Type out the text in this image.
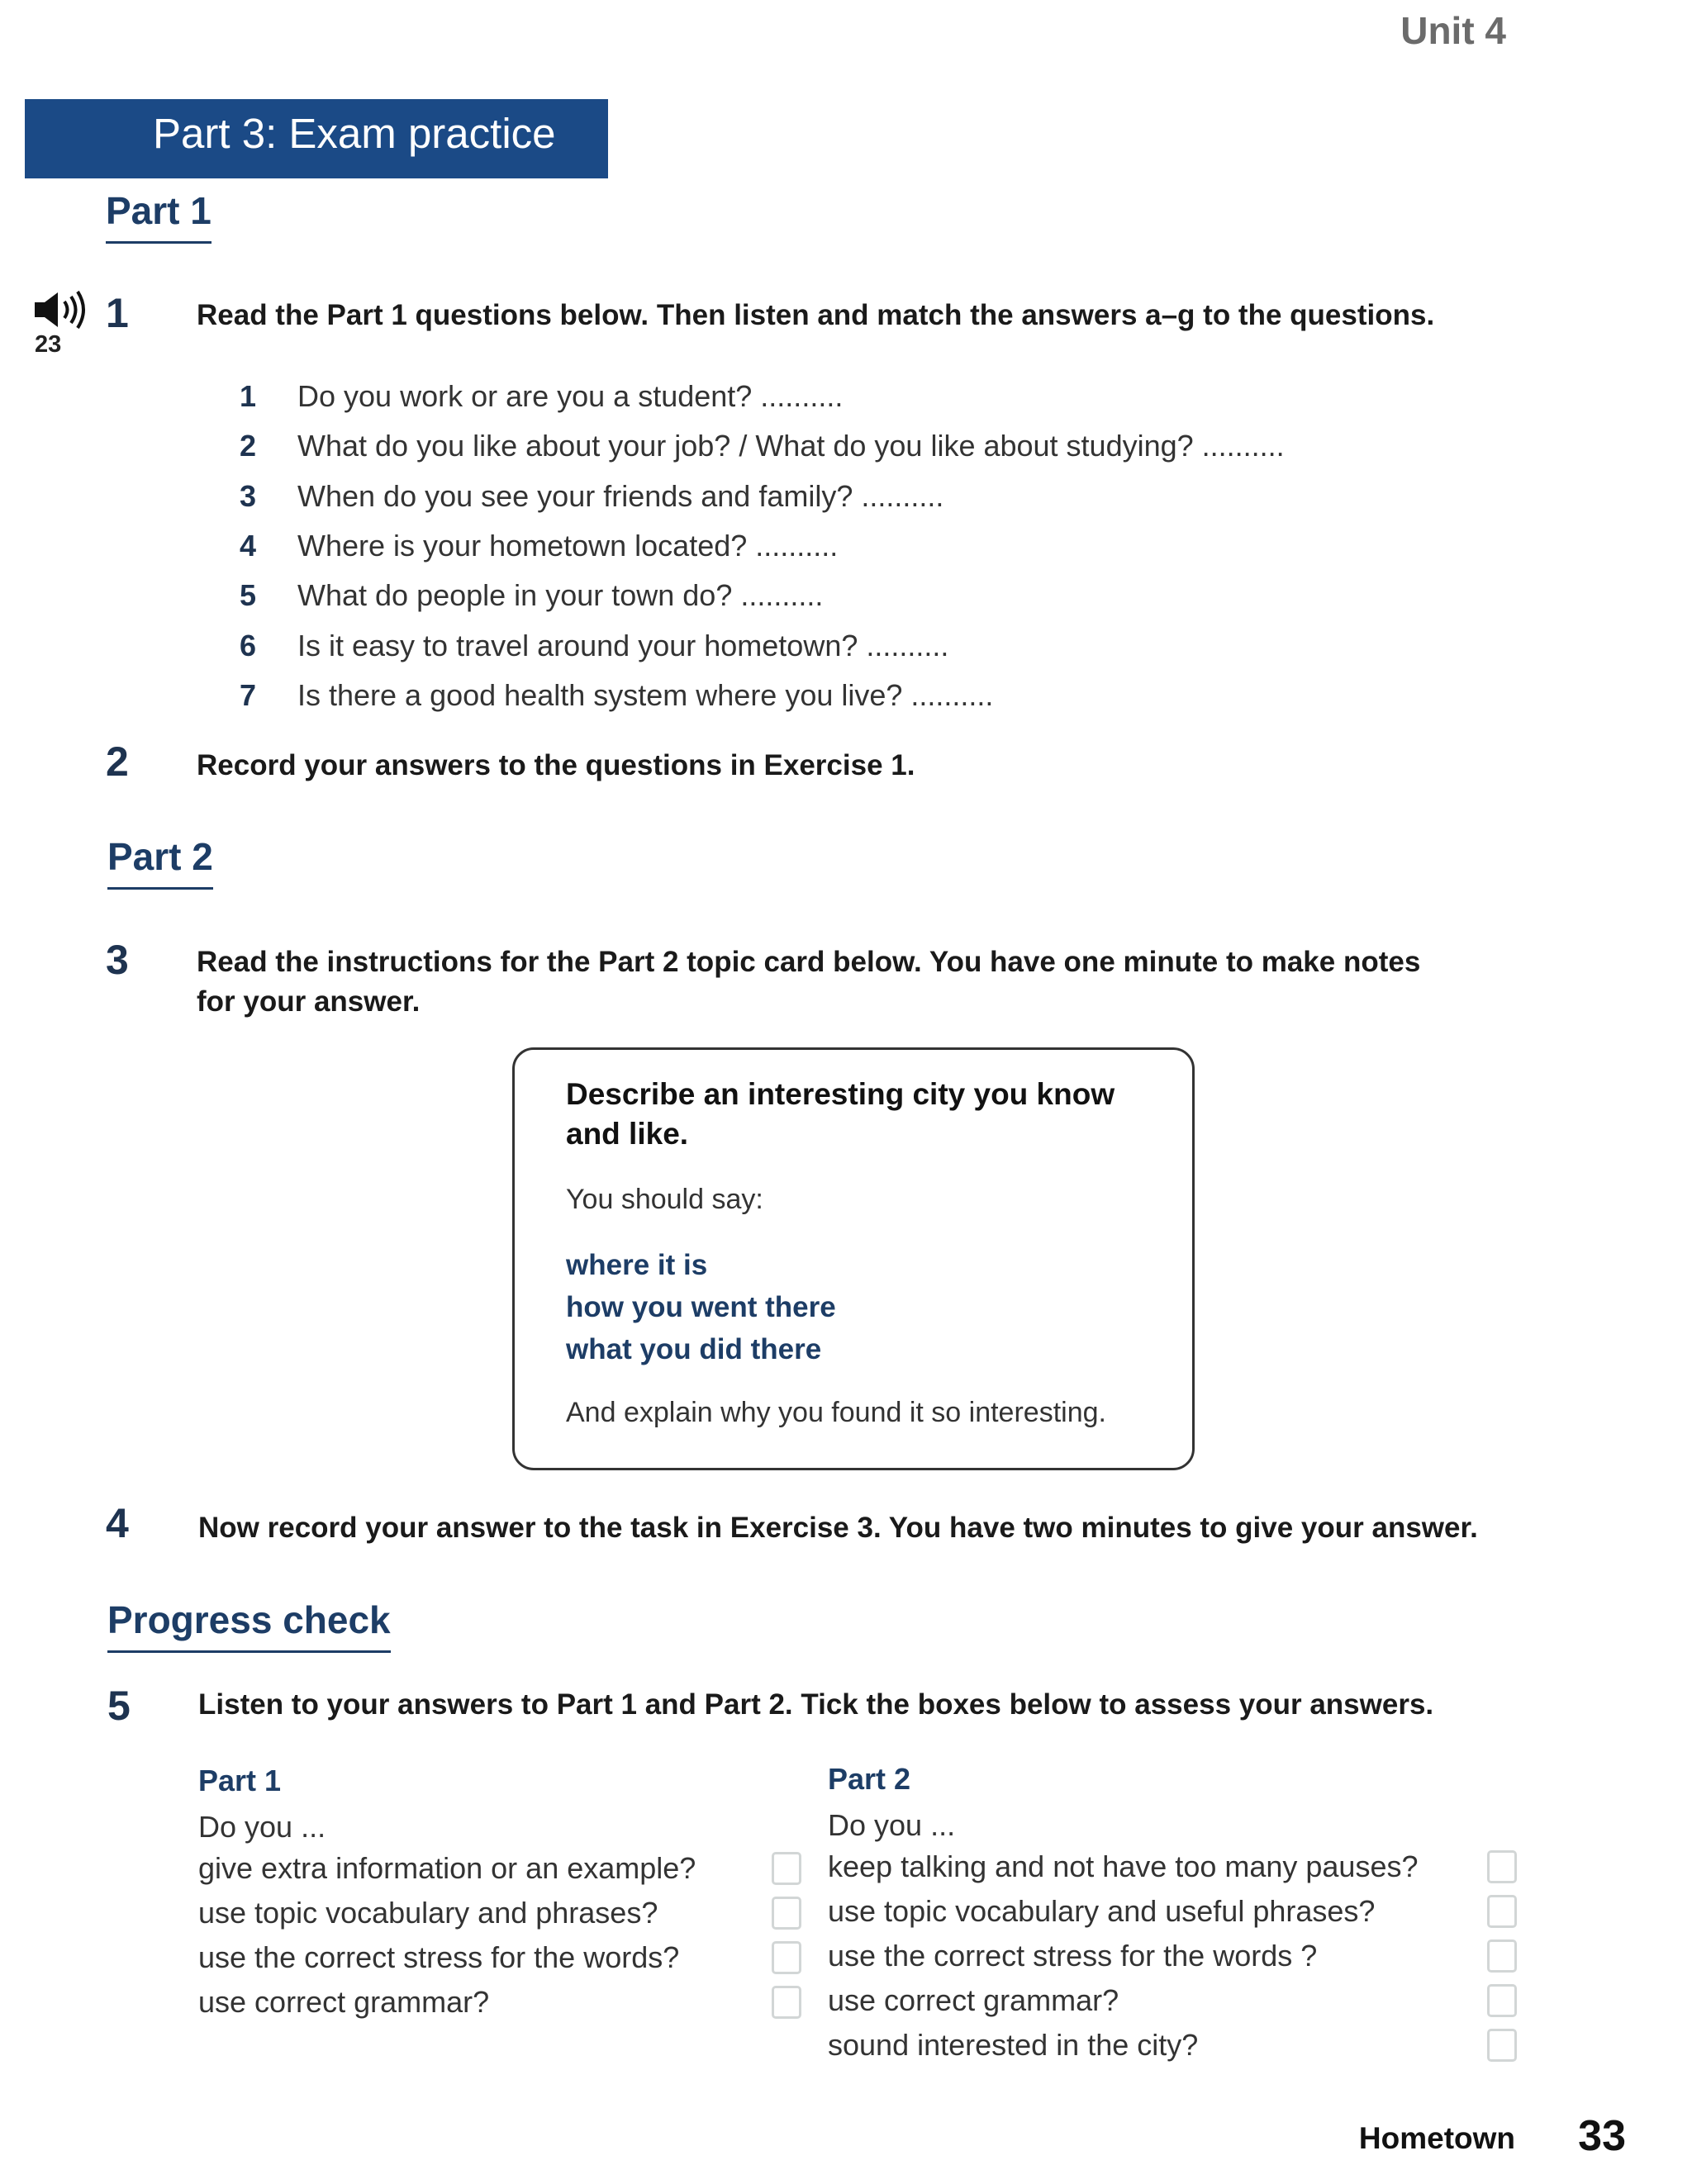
Unit 4
Part 3: Exam practice
Part 1
23
1 Read the Part 1 questions below. Then listen and match the answers a–g to the questions.
1	Do you work or are you a student? ..........
2	What do you like about your job? / What do you like about studying? ..........
3	When do you see your friends and family? ..........
4	Where is your hometown located? ..........
5	What do people in your town do? ..........
6	Is it easy to travel around your hometown? ..........
7	Is there a good health system where you live? ..........
2 Record your answers to the questions in Exercise 1.
Part 2
3 Read the instructions for the Part 2 topic card below. You have one minute to make notes
for your answer.
Describe an interesting city you know
and like.
You should say:
where it is
how you went there
what you did there
And explain why you found it so interesting.
4 Now record your answer to the task in Exercise 3. You have two minutes to give your answer.
Progress check
5 Listen to your answers to Part 1 and Part 2. Tick the boxes below to assess your answers.
Part 1
Do you ...
give extra information or an example?
use topic vocabulary and phrases?
use the correct stress for the words?
use correct grammar?
Part 2
Do you ...
keep talking and not have too many pauses?
use topic vocabulary and useful phrases?
use the correct stress for the words ?
use correct grammar?
sound interested in the city?
Hometown 33
